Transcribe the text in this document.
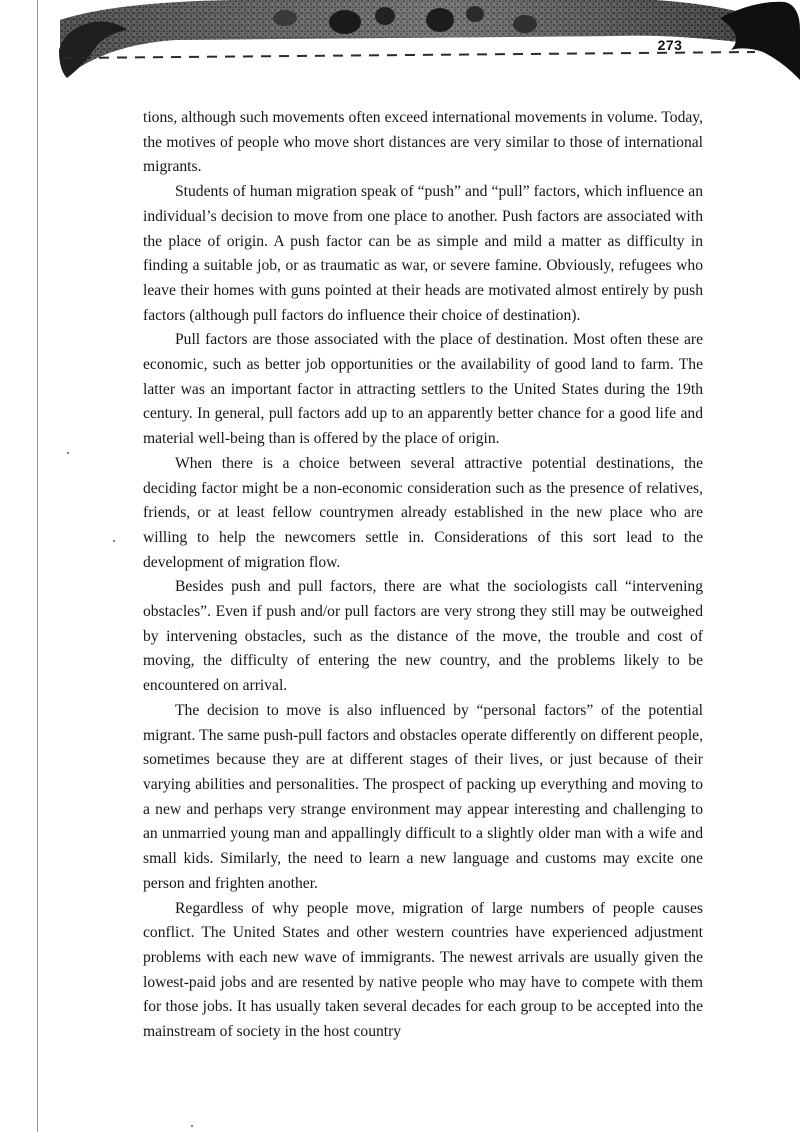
273

tions, although such movements often exceed international movements in volume. Today, the motives of people who move short distances are very similar to those of international migrants.

Students of human migration speak of “push” and “pull” factors, which influence an individual’s decision to move from one place to another. Push factors are associated with the place of origin. A push factor can be as simple and mild a matter as difficulty in finding a suitable job, or as traumatic as war, or severe famine. Obviously, refugees who leave their homes with guns pointed at their heads are motivated almost entirely by push factors (although pull factors do influence their choice of destination).

Pull factors are those associated with the place of destination. Most often these are economic, such as better job opportunities or the availability of good land to farm. The latter was an important factor in attracting settlers to the United States during the 19th century. In general, pull factors add up to an apparently better chance for a good life and material well-being than is offered by the place of origin.

When there is a choice between several attractive potential destinations, the deciding factor might be a non-economic consideration such as the presence of relatives, friends, or at least fellow countrymen already established in the new place who are willing to help the newcomers settle in. Considerations of this sort lead to the development of migration flow.

Besides push and pull factors, there are what the sociologists call “intervening obstacles”. Even if push and/or pull factors are very strong they still may be outweighed by intervening obstacles, such as the distance of the move, the trouble and cost of moving, the difficulty of entering the new country, and the problems likely to be encountered on arrival.

The decision to move is also influenced by “personal factors” of the potential migrant. The same push-pull factors and obstacles operate differently on different people, sometimes because they are at different stages of their lives, or just because of their varying abilities and personalities. The prospect of packing up everything and moving to a new and perhaps very strange environment may appear interesting and challenging to an unmarried young man and appallingly difficult to a slightly older man with a wife and small kids. Similarly, the need to learn a new language and customs may excite one person and frighten another.

Regardless of why people move, migration of large numbers of people causes conflict. The United States and other western countries have experienced adjustment problems with each new wave of immigrants. The newest arrivals are usually given the lowest-paid jobs and are resented by native people who may have to compete with them for those jobs. It has usually taken several decades for each group to be accepted into the mainstream of society in the host country
